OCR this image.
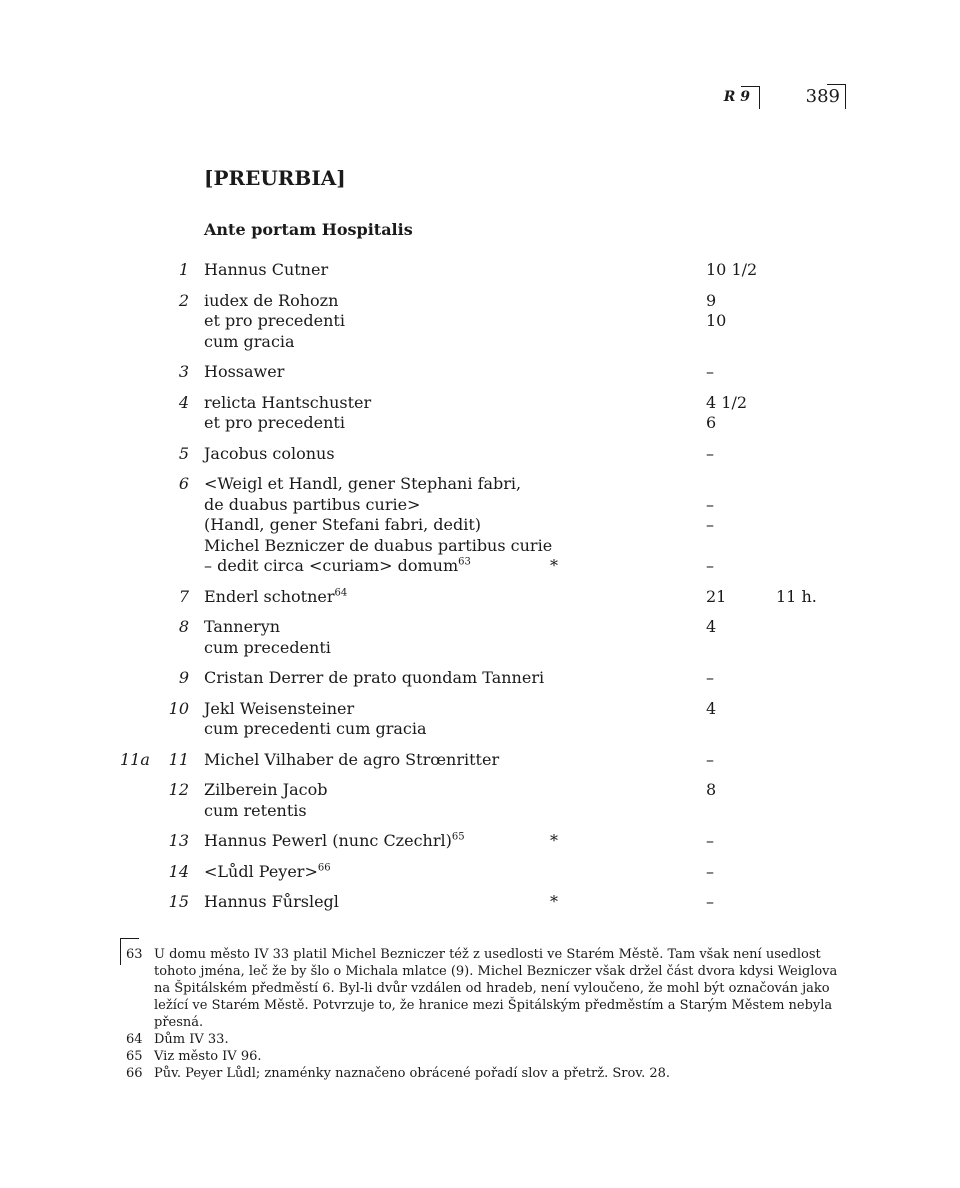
R 9	389
[PREURBIA]
Ante portam Hospitalis
1 Hannus Cutner	10 1/2
2 iudex de Rohozn	9
et pro precedenti	10
cum gracia
3 Hossawer	–
4 relicta Hantschuster	4 1/2
et pro precedenti	6
5 Jacobus colonus	–
6 <Weigl et Handl, gener Stephani fabri,
de duabus partibus curie>	–
(Handl, gener Stefani fabri, dedit)	–
Michel Bezniczer de duabus partibus curie
– dedit circa <curiam> domum$^{63}$	*	–
7 Enderl schotner$^{64}$	21	11 h.
8 Tanneryn	4
cum precedenti
9 Cristan Derrer de prato quondam Tanneri	–
10 Jekl Weisensteiner	4
cum precedenti cum gracia
11a	11 Michel Vilhaber de agro Strœnritter	–
12 Zilberein Jacob	8
cum retentis
13 Hannus Pewerl (nunc Czechrl)$^{65}$	*	–
14 <Lůdl Peyer>$^{66}$	–
15 Hannus Fůrslegl	*	–
63 U domu město IV 33 platil Michel Bezniczer též z usedlosti ve Starém Městě. Tam však není usedlost tohoto jména, leč že by šlo o Michala mlatce (9). Michel Bezniczer však držel část dvora kdysi Weiglova na Špitálském předměstí 6. Byl-li dvůr vzdálen od hradeb, není vyloučeno, že mohl být označován jako ležící ve Starém Městě. Potvrzuje to, že hranice mezi Špitálským předměstím a Starým Městem nebyla přesná.
64 Dům IV 33.
65 Viz město IV 96.
66 Pův. Peyer Lůdl; znaménky naznačeno obrácené pořadí slov a přetrž. Srov. 28.
